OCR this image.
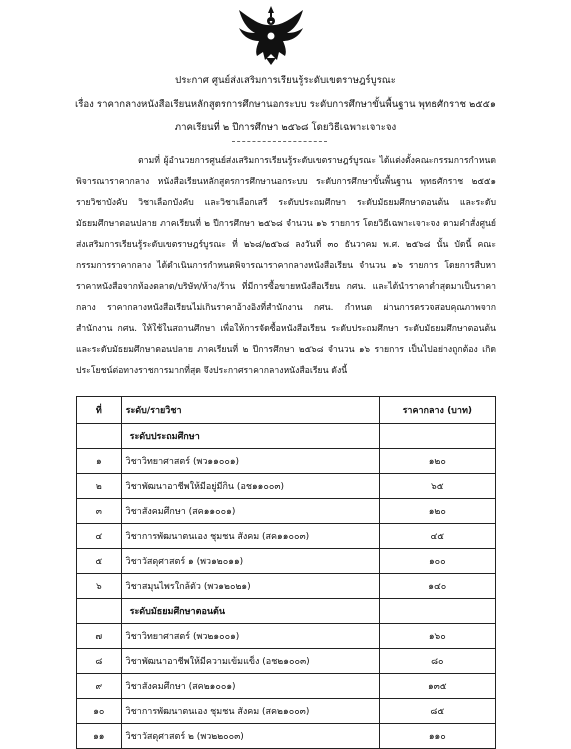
ประกาศ ศูนย์ส่งเสริมการเรียนรู้ระดับเขตราษฎร์บูรณะ
เรื่อง ราคากลางหนังสือเรียนหลักสูตรการศึกษานอกระบบ ระดับการศึกษาขั้นพื้นฐาน พุทธศักราช ๒๕๕๑
ภาคเรียนที่ ๒ ปีการศึกษา ๒๕๖๘ โดยวิธีเฉพาะเจาะจง
ตามที่ ผู้อำนวยการศูนย์ส่งเสริมการเรียนรู้ระดับเขตราษฎร์บูรณะ ได้แต่งตั้งคณะกรรมการกำหนดพิจารณาราคากลาง หนังสือเรียนหลักสูตรการศึกษานอกระบบ ระดับการศึกษาขั้นพื้นฐาน พุทธศักราช ๒๕๕๑ รายวิชาบังคับ วิชาเลือกบังคับ และวิชาเลือกเสรี ระดับประถมศึกษา ระดับมัธยมศึกษาตอนต้น และระดับมัธยมศึกษาตอนปลาย ภาคเรียนที่ ๒ ปีการศึกษา ๒๕๖๘ จำนวน ๑๖ รายการ โดยวิธีเฉพาะเจาะจง ตามคำสั่งศูนย์ส่งเสริมการเรียนรู้ระดับเขตราษฎร์บูรณะ ที่ ๒๖๘/๒๕๖๘ ลงวันที่ ๓๐ ธันวาคม พ.ศ. ๒๕๖๘ นั้น บัดนี้ คณะกรรมการราคากลาง ได้ดำเนินการกำหนดพิจารณาราคากลางหนังสือเรียน จำนวน ๑๖ รายการ โดยการสืบหาราคาหนังสือจากท้องตลาด/บริษัท/ห้าง/ร้าน ที่มีการซื้อขายหนังสือเรียน กศน. และได้นำราคาต่ำสุดมาเป็นราคากลาง ราคากลางหนังสือเรียนไม่เกินราคาอ้างอิงที่สำนักงาน กศน. กำหนด ผ่านการตรวจสอบคุณภาพจากสำนักงาน กศน. ให้ใช้ในสถานศึกษา เพื่อให้การจัดซื้อหนังสือเรียน ระดับประถมศึกษา ระดับมัธยมศึกษาตอนต้น และระดับมัธยมศึกษาตอนปลาย ภาคเรียนที่ ๒ ปีการศึกษา ๒๕๖๘ จำนวน ๑๖ รายการ เป็นไปอย่างถูกต้อง เกิดประโยชน์ต่อทางราชการมากที่สุด จึงประกาศราคากลางหนังสือเรียน ดังนี้
ที่	ระดับ/รายวิชา	ราคากลาง (บาท)
	ระดับประถมศึกษา	
๑	วิชาวิทยาศาสตร์ (พว๑๑๐๐๑)	๑๒๐
๒	วิชาพัฒนาอาชีพให้มีอยู่มีกิน (อช๑๑๐๐๓)	๖๕
๓	วิชาสังคมศึกษา (สค๑๑๐๐๑)	๑๒๐
๔	วิชาการพัฒนาตนเอง ชุมชน สังคม (สค๑๑๐๐๓)	๔๕
๕	วิชาวัสดุศาสตร์ ๑ (พว๑๒๐๑๑)	๑๐๐
๖	วิชาสมุนไพรใกล้ตัว (พว๑๒๐๒๑)	๑๔๐
	ระดับมัธยมศึกษาตอนต้น	
๗	วิชาวิทยาศาสตร์ (พว๒๑๐๐๑)	๑๖๐
๘	วิชาพัฒนาอาชีพให้มีความเข้มแข็ง (อช๒๑๐๐๓)	๘๐
๙	วิชาสังคมศึกษา (สค๒๑๐๐๑)	๑๓๕
๑๐	วิชาการพัฒนาตนเอง ชุมชน สังคม (สค๒๑๐๐๓)	๘๕
๑๑	วิชาวัสดุศาสตร์ ๒ (พว๒๒๐๐๓)	๑๑๐
